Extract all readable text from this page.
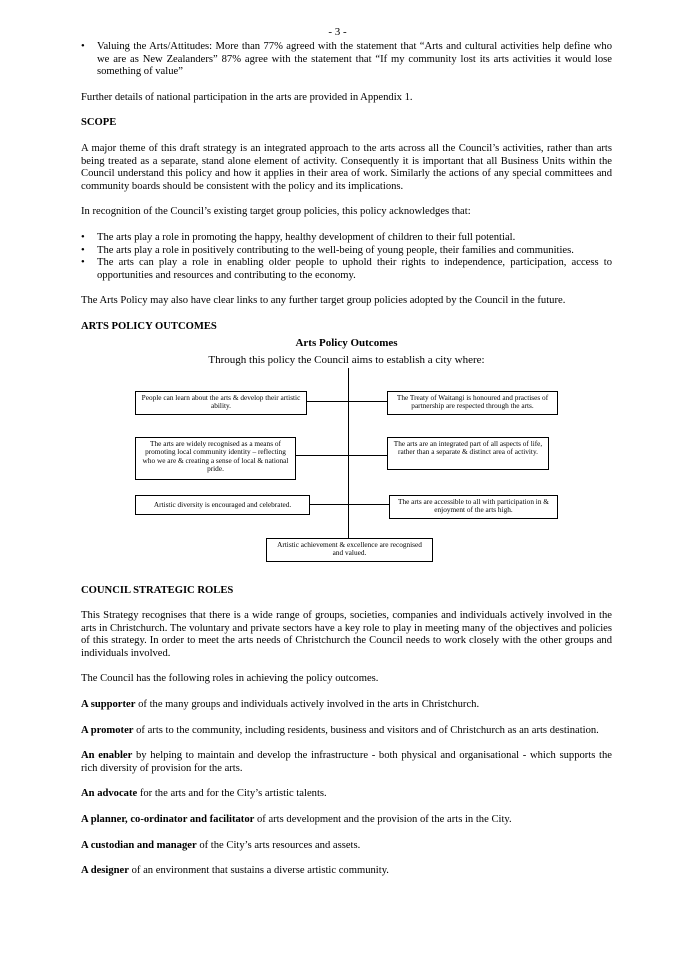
- 3 -
• Valuing the Arts/Attitudes: More than 77% agreed with the statement that “Arts and cultural activities help define who we are as New Zealanders” 87% agree with the statement that “If my community lost its arts activities it would lose something of value”

Further details of national participation in the arts are provided in Appendix 1.

SCOPE

A major theme of this draft strategy is an integrated approach to the arts across all the Council’s activities, rather than arts being treated as a separate, stand alone element of activity. Consequently it is important that all Business Units within the Council understand this policy and how it applies in their area of work. Similarly the actions of any special committees and community boards should be consistent with the policy and its implications.

In recognition of the Council’s existing target group policies, this policy acknowledges that:

• The arts play a role in promoting the happy, healthy development of children to their full potential.
• The arts play a role in positively contributing to the well-being of young people, their families and communities.
• The arts can play a role in enabling older people to uphold their rights to independence, participation, access to opportunities and resources and contributing to the economy.

The Arts Policy may also have clear links to any further target group policies adopted by the Council in the future.

ARTS POLICY OUTCOMES

Arts Policy Outcomes
Through this policy the Council aims to establish a city where:
People can learn about the arts & develop their artistic ability.
The Treaty of Waitangi is honoured and practises of partnership are respected through the arts.
The arts are widely recognised as a means of promoting local community identity – reflecting who we are & creating a sense of local & national pride.
The arts are an integrated part of all aspects of life, rather than a separate & distinct area of activity.
Artistic diversity is encouraged and celebrated.	The arts are accessible to all with participation in & enjoyment of the arts high.
Artistic achievement & excellence are recognised and valued.

COUNCIL STRATEGIC ROLES

This Strategy recognises that there is a wide range of groups, societies, companies and individuals actively involved in the arts in Christchurch. The voluntary and private sectors have a key role to play in meeting many of the objectives and policies of this strategy. In order to meet the arts needs of Christchurch the Council needs to work closely with the other groups and individuals involved.

The Council has the following roles in achieving the policy outcomes.

A supporter of the many groups and individuals actively involved in the arts in Christchurch.

A promoter of arts to the community, including residents, business and visitors and of Christchurch as an arts destination.

An enabler by helping to maintain and develop the infrastructure - both physical and organisational - which supports the rich diversity of provision for the arts.

An advocate for the arts and for the City’s artistic talents.

A planner, co-ordinator and facilitator of arts development and the provision of the arts in the City.

A custodian and manager of the City’s arts resources and assets.

A designer of an environment that sustains a diverse artistic community.
